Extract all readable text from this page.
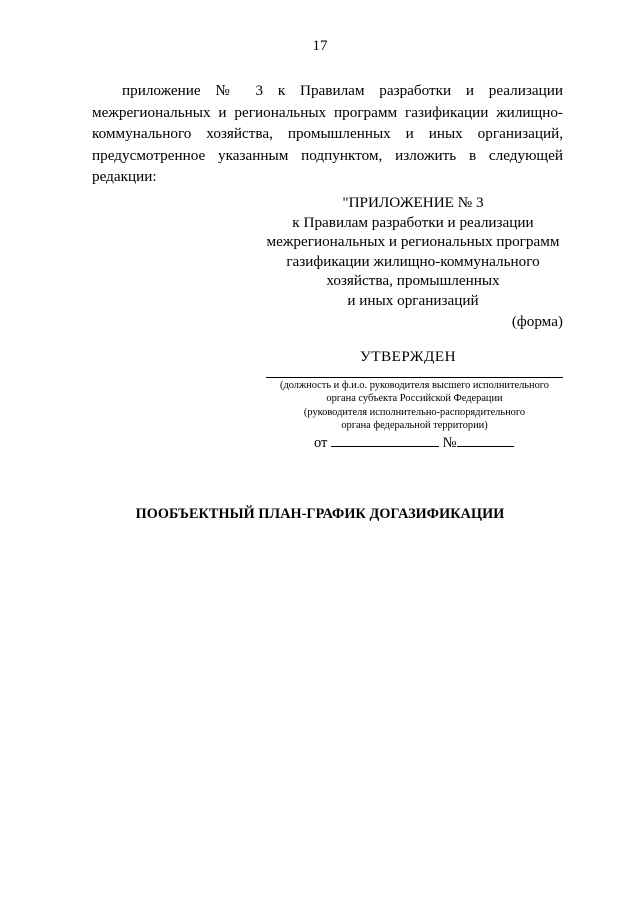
17

приложение № 3 к Правилам разработки и реализации межрегиональных и региональных программ газификации жилищно-коммунального хозяйства, промышленных и иных организаций, предусмотренное указанным подпунктом, изложить в следующей редакции:

"ПРИЛОЖЕНИЕ № 3
к Правилам разработки и реализации
межрегиональных и региональных программ
газификации жилищно-коммунального
хозяйства, промышленных
и иных организаций
(форма)
УТВЕРЖДЕН
(должность и ф.и.о. руководителя высшего исполнительного
органа субъекта Российской Федерации
(руководителя исполнительно-распорядительного
органа федеральной территории)
от	№
ПООБЪЕКТНЫЙ ПЛАН-ГРАФИК ДОГАЗИФИКАЦИИ
